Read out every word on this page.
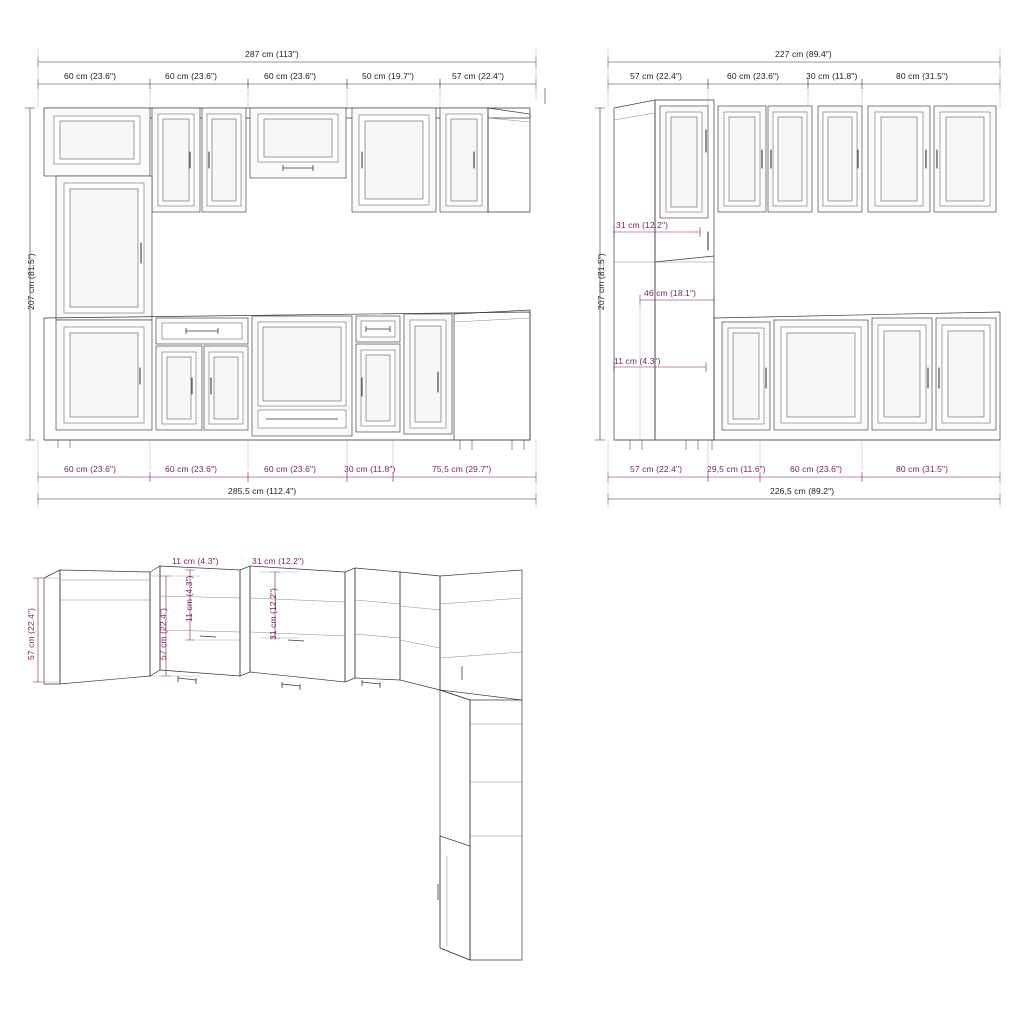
287 cm (113")
60 cm (23.6")	60 cm (23.6")	60 cm (23.6")	50 cm (19.7")	57 cm (22.4")
207 cm (81.5")
60 cm (23.6")	60 cm (23.6")	60 cm (23.6")	30 cm (11.8")	75,5 cm (29.7")
285,5 cm (112.4")
227 cm (89.4")
57 cm (22.4")	60 cm (23.6")	30 cm (11.8")	80 cm (31.5")
207 cm (81.5")
31 cm (12.2")
46 cm (18.1")
11 cm (4.3")
57 cm (22.4")	29,5 cm (11.6")	60 cm (23.6")	80 cm (31.5")
226,5 cm (89.2")
57 cm (22.4")	57 cm (22.4")
11 cm (4.3")	31 cm (12.2")
11 cm (4.3")	31 cm (12.2")
